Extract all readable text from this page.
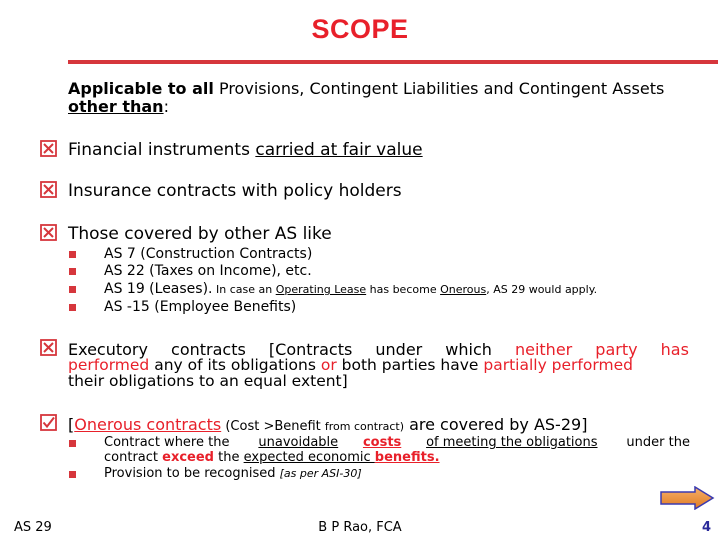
SCOPE
Applicable to all Provisions, Contingent Liabilities and Contingent Assets other than:
Financial instruments carried at fair value
Insurance contracts with policy holders
Those covered by other AS like
AS 7 (Construction Contracts)
AS 22 (Taxes on Income), etc.
AS 19 (Leases). In case an Operating Lease has become Onerous, AS 29 would apply.
AS -15 (Employee Benefits)
Executory contracts [Contracts under which neither party has
performed any of its obligations or both parties have partially performed
their obligations to an equal extent]
[Onerous contracts (Cost >Benefit from contract) are covered by AS-29]
Contract where the unavoidable costs of meeting the obligations under the
contract exceed the expected economic benefits.
Provision to be recognised [as per ASI-30]
AS 29	B P Rao, FCA	4
